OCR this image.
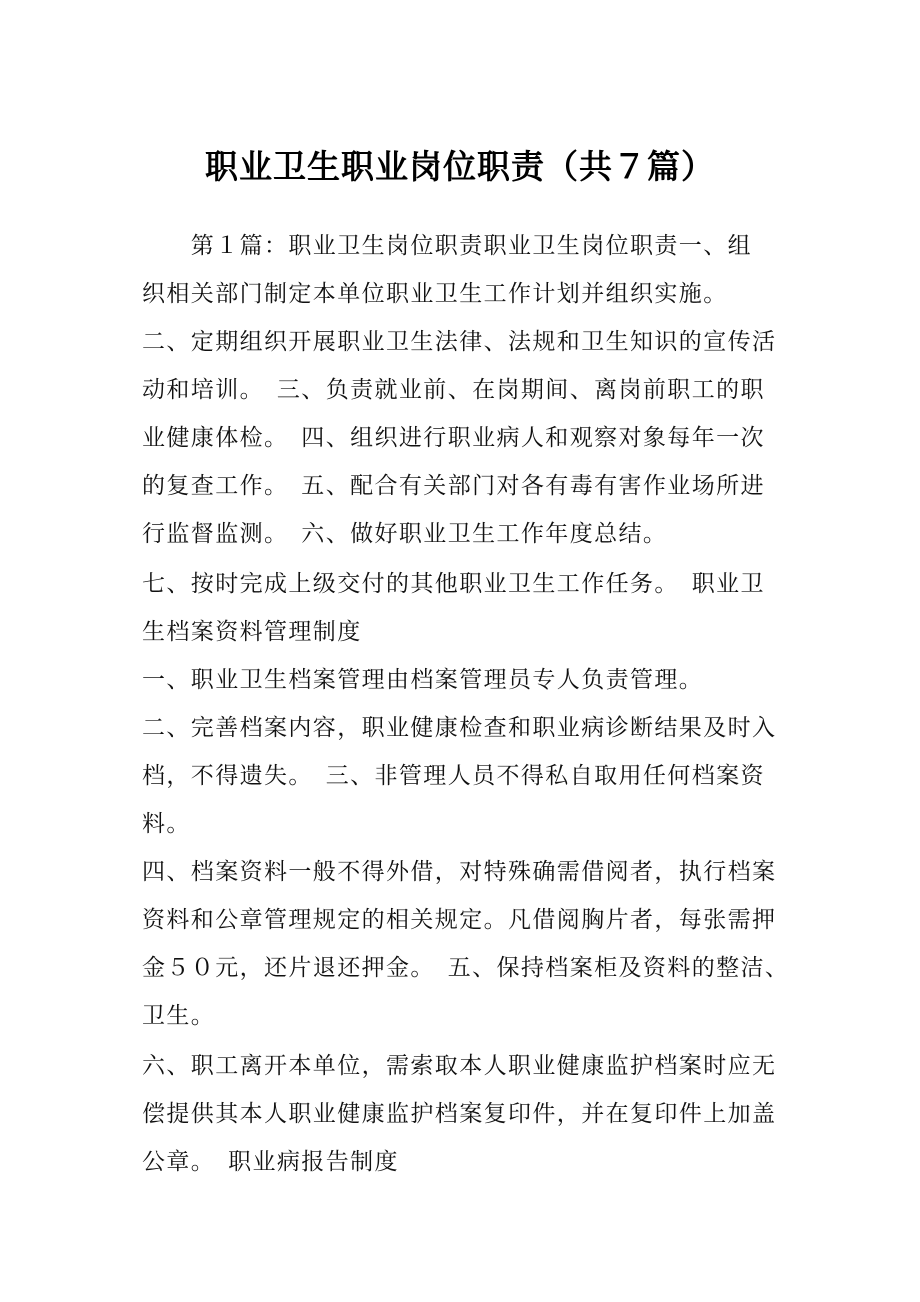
职业卫生职业岗位职责（共７篇）

　　第１篇：职业卫生岗位职责职业卫生岗位职责一、组

织相关部门制定本单位职业卫生工作计划并组织实施。

二、定期组织开展职业卫生法律、法规和卫生知识的宣传活

动和培训。　三、负责就业前、在岗期间、离岗前职工的职

业健康体检。　四、组织进行职业病人和观察对象每年一次

的复查工作。　五、配合有关部门对各有毒有害作业场所进

行监督监测。　六、做好职业卫生工作年度总结。

七、按时完成上级交付的其他职业卫生工作任务。　职业卫

生档案资料管理制度

一、职业卫生档案管理由档案管理员专人负责管理。

二、完善档案内容，职业健康检查和职业病诊断结果及时入

档，不得遗失。　三、非管理人员不得私自取用任何档案资

料。

四、档案资料一般不得外借，对特殊确需借阅者，执行档案

资料和公章管理规定的相关规定。凡借阅胸片者，每张需押

金５０元，还片退还押金。　五、保持档案柜及资料的整洁、

卫生。

六、职工离开本单位，需索取本人职业健康监护档案时应无

偿提供其本人职业健康监护档案复印件，并在复印件上加盖

公章。　职业病报告制度
